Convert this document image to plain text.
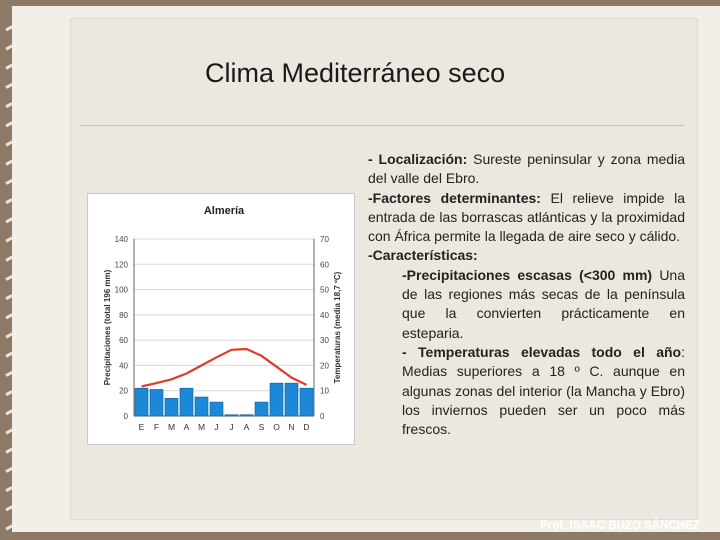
Clima Mediterráneo seco
Almería
0
20
40
60
80
100
120
140
0
10
20
30
40
50
60
70
E F M A M J J A S O N D
Precipitaciones (total 196 mm)	Temperaturas (media 18,7 ºC)

- Localización: Sureste peninsular y zona media del valle del Ebro.

-Factores determinantes: El relieve impide la entrada de las borrascas atlánticas y la proximidad con África permite la llegada de aire seco y cálido.

-Características:

-Precipitaciones escasas (<300 mm) Una de las regiones más secas de la península que la convierten prácticamente en esteparia.

- Temperaturas elevadas todo el año: Medias superiores a 18 º C. aunque en algunas zonas del interior (la Mancha y Ebro) los inviernos pueden ser un poco más frescos.

Prof. ISAAC BUZO SÁNCHEZ
